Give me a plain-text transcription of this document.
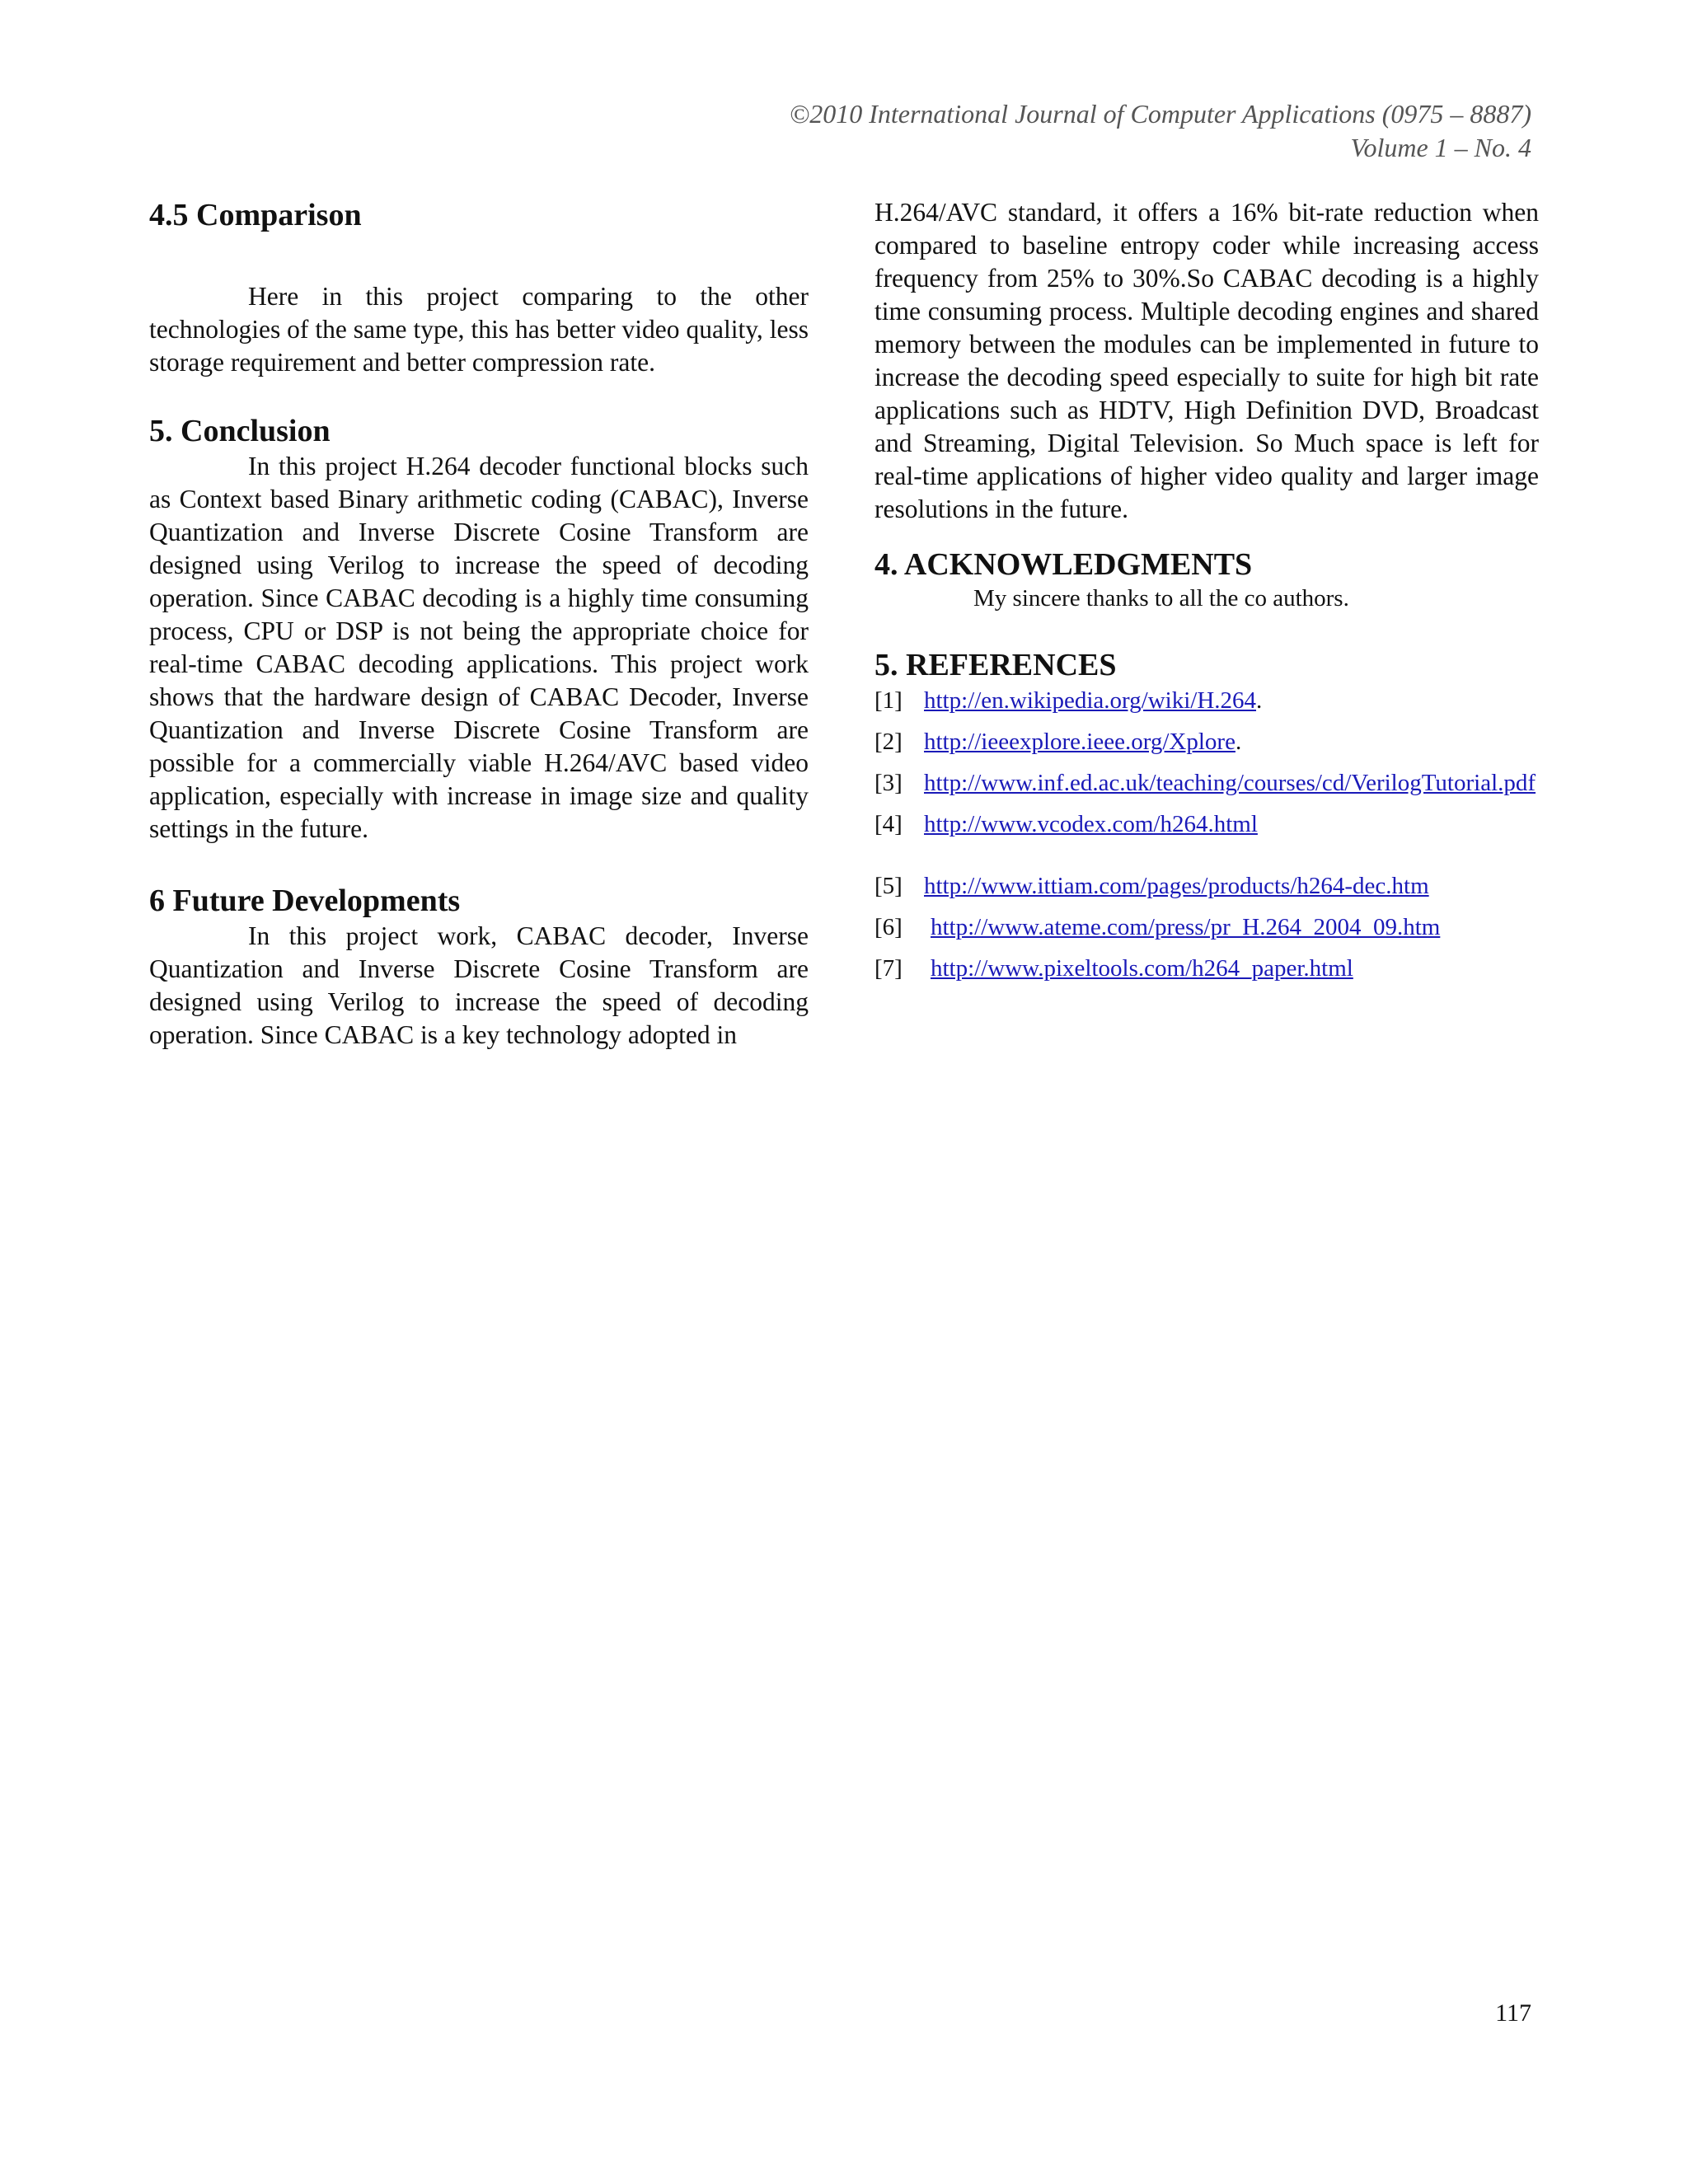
©2010 International Journal of Computer Applications (0975 – 8887)
Volume 1 – No. 4
4.5 Comparison

Here in this project comparing to the other technologies of the same type, this has better video quality, less storage requirement and better compression rate.

5. Conclusion

In this project H.264 decoder functional blocks such as Context based Binary arithmetic coding (CABAC), Inverse Quantization and Inverse Discrete Cosine Transform are designed using Verilog to increase the speed of decoding operation. Since CABAC decoding is a highly time consuming process, CPU or DSP is not being the appropriate choice for real-time CABAC decoding applications. This project work shows that the hardware design of CABAC Decoder, Inverse Quantization and Inverse Discrete Cosine Transform are possible for a commercially viable H.264/AVC based video application, especially with increase in image size and quality settings in the future.

6 Future Developments

In this project work, CABAC decoder, Inverse Quantization and Inverse Discrete Cosine Transform are designed using Verilog to increase the speed of decoding operation. Since CABAC is a key technology adopted in

H.264/AVC standard, it offers a 16% bit-rate reduction when compared to baseline entropy coder while increasing access frequency from 25% to 30%.So CABAC decoding is a highly time consuming process. Multiple decoding engines and shared memory between the modules can be implemented in future to increase the decoding speed especially to suite for high bit rate applications such as HDTV, High Definition DVD, Broadcast and Streaming, Digital Television. So Much space is left for real-time applications of higher video quality and larger image resolutions in the future.

4. ACKNOWLEDGMENTS

My sincere thanks to all the co authors.

5. REFERENCES
[1] http://en.wikipedia.org/wiki/H.264.
[2] http://ieeexplore.ieee.org/Xplore.
[3] http://www.inf.ed.ac.uk/teaching/courses/cd/VerilogTutorial.pdf
[4] http://www.vcodex.com/h264.html
[5] http://www.ittiam.com/pages/products/h264-dec.htm
[6]	http://www.ateme.com/press/pr_H.264_2004_09.htm
[7]	http://www.pixeltools.com/h264_paper.html
117
